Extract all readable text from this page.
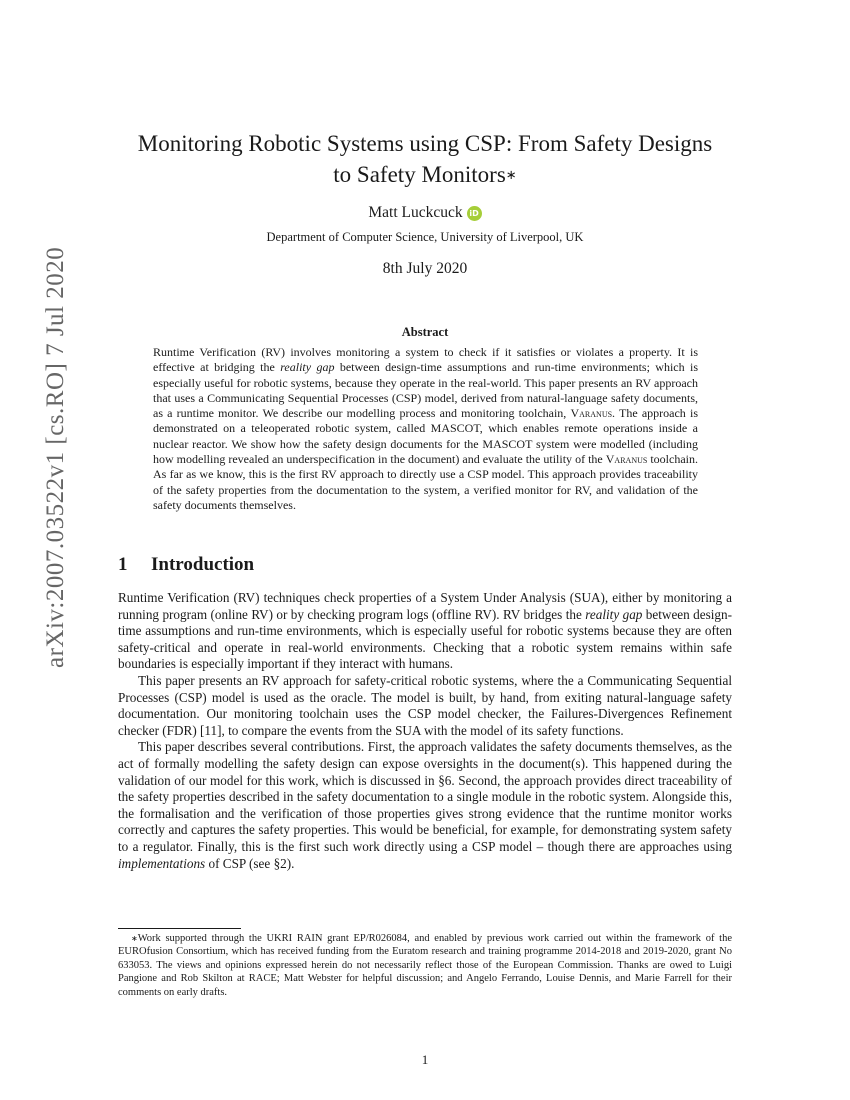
arXiv:2007.03522v1 [cs.RO] 7 Jul 2020
Monitoring Robotic Systems using CSP: From Safety Designs
to Safety Monitors∗
Matt Luckcuck iD
Department of Computer Science, University of Liverpool, UK
8th July 2020
Abstract

Runtime Verification (RV) involves monitoring a system to check if it satisfies or violates a property. It is effective at bridging the reality gap between design-time assumptions and run-time environments; which is especially useful for robotic systems, because they operate in the real-world. This paper presents an RV approach that uses a Communicating Sequential Processes (CSP) model, derived from natural-language safety documents, as a runtime monitor. We describe our modelling process and monitoring toolchain, Varanus. The approach is demonstrated on a teleoperated robotic system, called MASCOT, which enables remote operations inside a nuclear reactor. We show how the safety design documents for the MASCOT system were modelled (including how modelling revealed an underspecification in the document) and evaluate the utility of the Varanus toolchain. As far as we know, this is the first RV approach to directly use a CSP model. This approach provides traceability of the safety properties from the documentation to the system, a verified monitor for RV, and validation of the safety documents themselves.

1 Introduction

Runtime Verification (RV) techniques check properties of a System Under Analysis (SUA), either by monitoring a running program (online RV) or by checking program logs (offline RV). RV bridges the reality gap between design-time assumptions and run-time environments, which is especially useful for robotic systems because they are often safety-critical and operate in real-world environments. Checking that a robotic system remains within safe boundaries is especially important if they interact with humans.

This paper presents an RV approach for safety-critical robotic systems, where the a Communicating Sequential Processes (CSP) model is used as the oracle. The model is built, by hand, from exiting natural-language safety documentation. Our monitoring toolchain uses the CSP model checker, the Failures-Divergences Refinement checker (FDR) [11], to compare the events from the SUA with the model of its safety functions.

This paper describes several contributions. First, the approach validates the safety documents themselves, as the act of formally modelling the safety design can expose oversights in the document(s). This happened during the validation of our model for this work, which is discussed in §6. Second, the approach provides direct traceability of the safety properties described in the safety documentation to a single module in the robotic system. Alongside this, the formalisation and the verification of those properties gives strong evidence that the runtime monitor works correctly and captures the safety properties. This would be beneficial, for example, for demonstrating system safety to a regulator. Finally, this is the first such work directly using a CSP model – though there are approaches using implementations of CSP (see §2).

∗Work supported through the UKRI RAIN grant EP/R026084, and enabled by previous work carried out within the framework of the EUROfusion Consortium, which has received funding from the Euratom research and training programme 2014-2018 and 2019-2020, grant No 633053. The views and opinions expressed herein do not necessarily reflect those of the European Commission. Thanks are owed to Luigi Pangione and Rob Skilton at RACE; Matt Webster for helpful discussion; and Angelo Ferrando, Louise Dennis, and Marie Farrell for their comments on early drafts.

1
